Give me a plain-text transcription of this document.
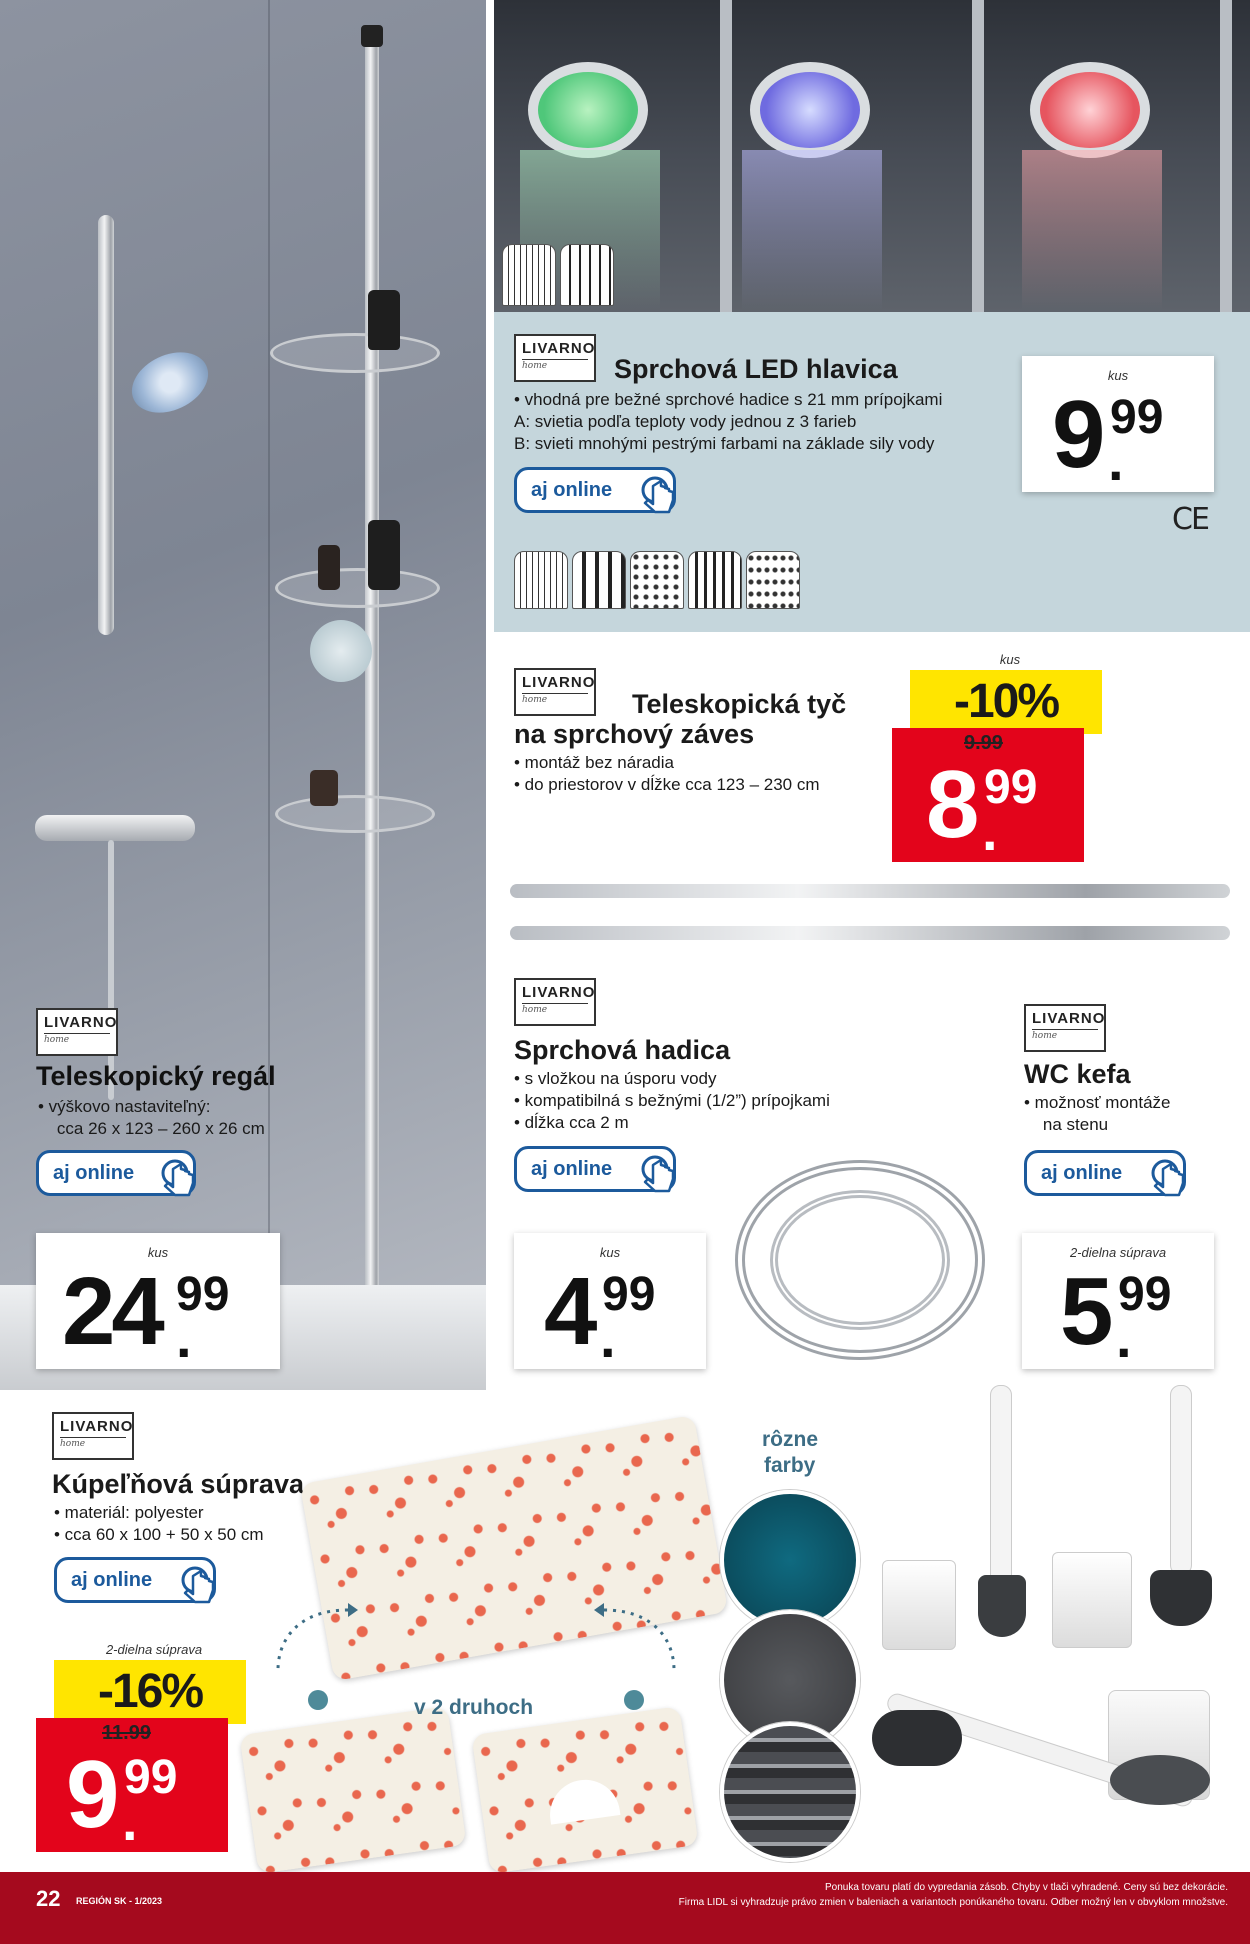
LIVARNO
home
Teleskopický regál
• výškovo nastaviteľný:
cca 26 x 123 – 260 x 26 cm
aj online
kus
24 99
.
LIVARNO
home	Sprchová LED hlavica
• vhodná pre bežné sprchové hadice s 21 mm prípojkami
A: svietia podľa teploty vody jednou z 3 farieb
B: svieti mnohými pestrými farbami na základe sily vody
aj online
kus
9 99
.
CE
LIVARNO
home	Teleskopická tyč
na sprchový záves
• montáž bez náradia
• do priestorov v dĺžke cca 123 – 230 cm
kus
-10%
9.99
8 99
.
LIVARNO
home
Sprchová hadica
• s vložkou na úsporu vody
• kompatibilná s bežnými (1/2”) prípojkami
• dĺžka cca 2 m
aj online
kus
4 99
.
LIVARNO
home
WC kefa
• možnosť montáže
na stenu
aj online
2-dielna súprava
5 99
.
LIVARNO
home
Kúpeľňová súprava
• materiál: polyester
• cca 60 x 100 + 50 x 50 cm
aj online
2-dielna súprava
-16%
11.99
9 99
.
v 2 druhoch
rôzne
farby
22 REGIÓN SK - 1/2023
Ponuka tovaru platí do vypredania zásob. Chyby v tlači vyhradené. Ceny sú bez dekorácie.
Firma LIDL si vyhradzuje právo zmien v baleniach a variantoch ponúkaného tovaru. Odber možný len v obvyklom množstve.
